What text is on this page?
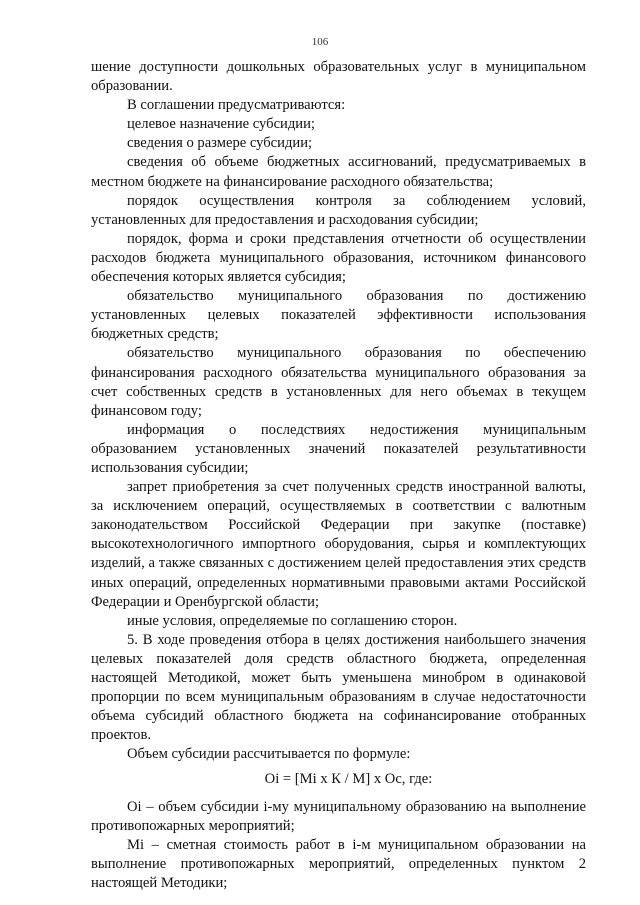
106

шение доступности дошкольных образовательных услуг в муниципальном образовании.

В соглашении предусматриваются:

целевое назначение субсидии;

сведения о размере субсидии;

сведения об объеме бюджетных ассигнований, предусматриваемых в местном бюджете на финансирование расходного обязательства;

порядок осуществления контроля за соблюдением условий, установленных для предоставления и расходования субсидии;

порядок, форма и сроки представления отчетности об осуществлении расходов бюджета муниципального образования, источником финансового обеспечения которых является субсидия;

обязательство муниципального образования по достижению установленных целевых показателей эффективности использования бюджетных средств;

обязательство муниципального образования по обеспечению финансирования расходного обязательства муниципального образования за счет собственных средств в установленных для него объемах в текущем финансовом году;

информация о последствиях недостижения муниципальным образованием установленных значений показателей результативности использования субсидии;

запрет приобретения за счет полученных средств иностранной валюты, за исключением операций, осуществляемых в соответствии с валютным законодательством Российской Федерации при закупке (поставке) высокотехнологичного импортного оборудования, сырья и комплектующих изделий, а также связанных с достижением целей предоставления этих средств иных операций, определенных нормативными правовыми актами Российской Федерации и Оренбургской области;

иные условия, определяемые по соглашению сторон.

5. В ходе проведения отбора в целях достижения наибольшего значения целевых показателей доля средств областного бюджета, определенная настоящей Методикой, может быть уменьшена минобром в одинаковой пропорции по всем муниципальным образованиям в случае недостаточности объема субсидий областного бюджета на софинансирование отобранных проектов.

Объем субсидии рассчитывается по формуле:

Oi = [Mi x К / М] х Ос, где:

Oi – объем субсидии i-му муниципальному образованию на выполнение противопожарных мероприятий;

Mi – сметная стоимость работ в i-м муниципальном образовании на выполнение противопожарных мероприятий, определенных пунктом 2 настоящей Методики;
